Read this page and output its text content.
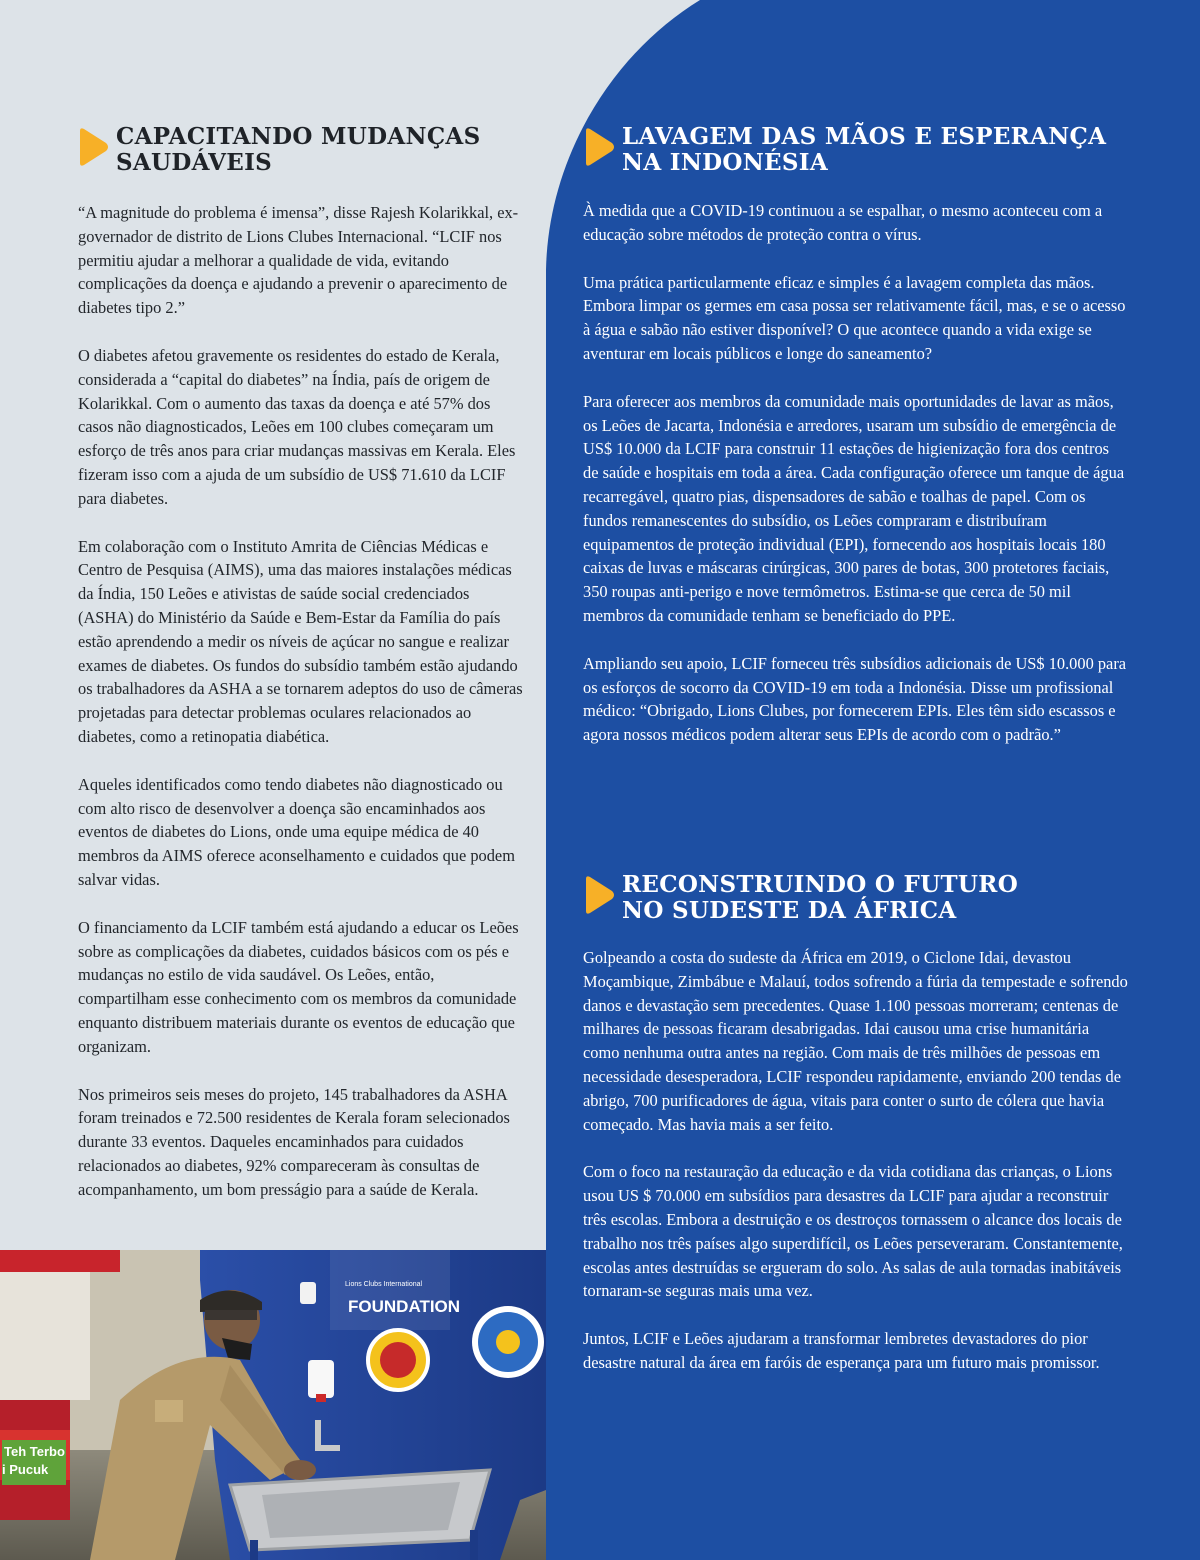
CAPACITANDO MUDANÇAS
SAUDÁVEIS

“A magnitude do problema é imensa”, disse Rajesh Kolarikkal, ex-governador de distrito de Lions Clubes Internacional. “LCIF nos permitiu ajudar a melhorar a qualidade de vida, evitando complicações da doença e ajudando a prevenir o aparecimento de diabetes tipo 2.”

O diabetes afetou gravemente os residentes do estado de Kerala, considerada a “capital do diabetes” na Índia, país de origem de Kolarikkal. Com o aumento das taxas da doença e até 57% dos casos não diagnosticados, Leões em 100 clubes começaram um esforço de três anos para criar mudanças massivas em Kerala. Eles fizeram isso com a ajuda de um subsídio de US$ 71.610 da LCIF para diabetes.

Em colaboração com o Instituto Amrita de Ciências Médicas e Centro de Pesquisa (AIMS), uma das maiores instalações médicas da Índia, 150 Leões e ativistas de saúde social credenciados (ASHA) do Ministério da Saúde e Bem-Estar da Família do país estão aprendendo a medir os níveis de açúcar no sangue e realizar exames de diabetes. Os fundos do subsídio também estão ajudando os trabalhadores da ASHA a se tornarem adeptos do uso de câmeras projetadas para detectar problemas oculares relacionados ao diabetes, como a retinopatia diabética.

Aqueles identificados como tendo diabetes não diagnosticado ou com alto risco de desenvolver a doença são encaminhados aos eventos de diabetes do Lions, onde uma equipe médica de 40 membros da AIMS oferece aconselhamento e cuidados que podem salvar vidas.

O financiamento da LCIF também está ajudando a educar os Leões sobre as complicações da diabetes, cuidados básicos com os pés e mudanças no estilo de vida saudável. Os Leões, então, compartilham esse conhecimento com os membros da comunidade enquanto distribuem materiais durante os eventos de educação que organizam.

Nos primeiros seis meses do projeto, 145 trabalhadores da ASHA foram treinados e 72.500 residentes de Kerala foram selecionados durante 33 eventos. Daqueles encaminhados para cuidados relacionados ao diabetes, 92% compareceram às consultas de acompanhamento, um bom presságio para a saúde de Kerala.

LAVAGEM DAS MÃOS E ESPERANÇA
NA INDONÉSIA

À medida que a COVID-19 continuou a se espalhar, o mesmo aconteceu com a educação sobre métodos de proteção contra o vírus.

Uma prática particularmente eficaz e simples é a lavagem completa das mãos. Embora limpar os germes em casa possa ser relativamente fácil, mas, e se o acesso à água e sabão não estiver disponível? O que acontece quando a vida exige se aventurar em locais públicos e longe do saneamento?

Para oferecer aos membros da comunidade mais oportunidades de lavar as mãos, os Leões de Jacarta, Indonésia e arredores, usaram um subsídio de emergência de US$ 10.000 da LCIF para construir 11 estações de higienização fora dos centros de saúde e hospitais em toda a área. Cada configuração oferece um tanque de água recarregável, quatro pias, dispensadores de sabão e toalhas de papel. Com os fundos remanescentes do subsídio, os Leões compraram e distribuíram equipamentos de proteção individual (EPI), fornecendo aos hospitais locais 180 caixas de luvas e máscaras cirúrgicas, 300 pares de botas, 300 protetores faciais, 350 roupas anti-perigo e nove termômetros. Estima-se que cerca de 50 mil membros da comunidade tenham se beneficiado do PPE.

Ampliando seu apoio, LCIF forneceu três subsídios adicionais de US$ 10.000 para os esforços de socorro da COVID-19 em toda a Indonésia. Disse um profissional médico: “Obrigado, Lions Clubes, por fornecerem EPIs. Eles têm sido escassos e agora nossos médicos podem alterar seus EPIs de acordo com o padrão.”

RECONSTRUINDO O FUTURO
NO SUDESTE DA ÁFRICA

Golpeando a costa do sudeste da África em 2019, o Ciclone Idai, devastou Moçambique, Zimbábue e Malauí, todos sofrendo a fúria da tempestade e sofrendo danos e devastação sem precedentes. Quase 1.100 pessoas morreram; centenas de milhares de pessoas ficaram desabrigadas. Idai causou uma crise humanitária como nenhuma outra antes na região. Com mais de três milhões de pessoas em necessidade desesperadora, LCIF respondeu rapidamente, enviando 200 tendas de abrigo, 700 purificadores de água, vitais para conter o surto de cólera que havia começado. Mas havia mais a ser feito.

Com o foco na restauração da educação e da vida cotidiana das crianças, o Lions usou US $ 70.000 em subsídios para desastres da LCIF para ajudar a reconstruir três escolas. Embora a destruição e os destroços tornassem o alcance dos locais de trabalho nos três países algo superdifícil, os Leões perseveraram. Constantemente, escolas antes destruídas se ergueram do solo. As salas de aula tornadas inabitáveis tornaram-se seguras mais uma vez.

Juntos, LCIF e Leões ajudaram a transformar lembretes devastadores do pior desastre natural da área em faróis de esperança para um futuro mais promissor.

Teh Terbo
i Pucuk
Lions Clubs International
FOUNDATION
